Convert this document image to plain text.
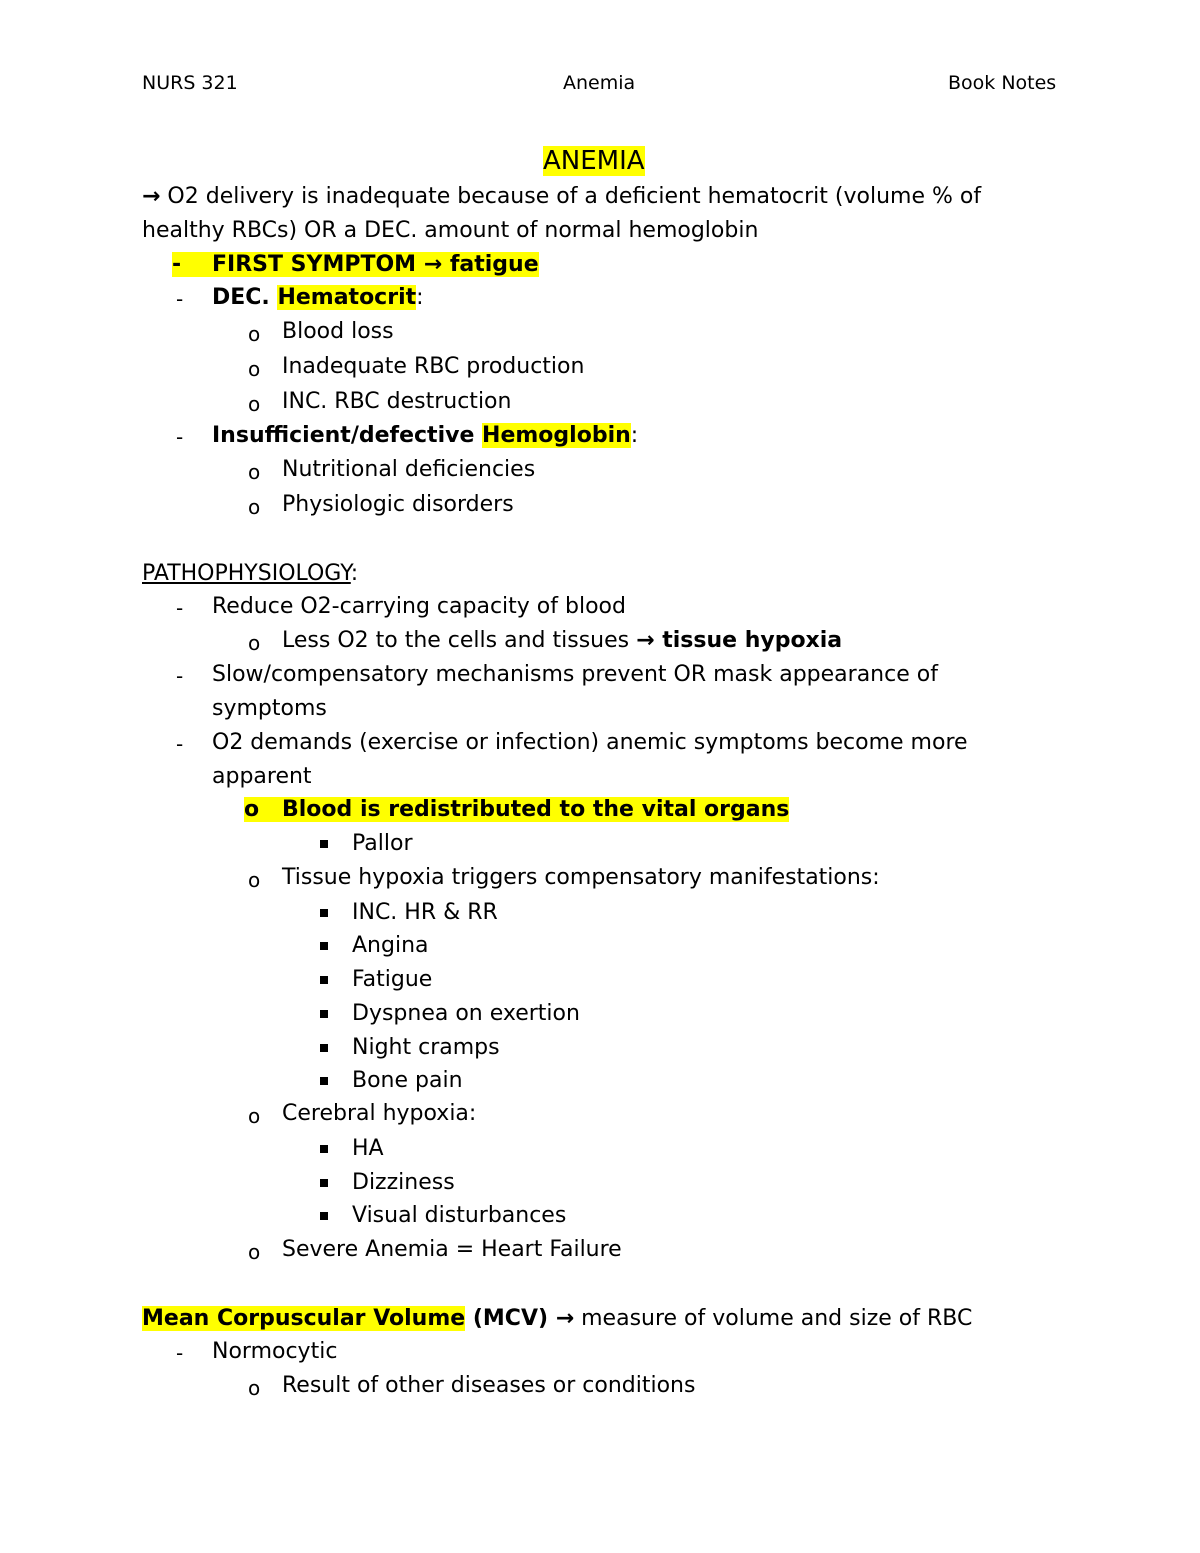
NURS 321	Anemia	Book Notes
ANEMIA
→ O2 delivery is inadequate because of a deficient hematocrit (volume % of
healthy RBCs) OR a DEC. amount of normal hemoglobin
- FIRST SYMPTOM → fatigue
- DEC. Hematocrit:
o Blood loss
o Inadequate RBC production
o INC. RBC destruction
- Insufficient/defective Hemoglobin:
o Nutritional deficiencies
o Physiologic disorders
PATHOPHYSIOLOGY:
- Reduce O2-carrying capacity of blood
o Less O2 to the cells and tissues → tissue hypoxia
- Slow/compensatory mechanisms prevent OR mask appearance of
symptoms
- O2 demands (exercise or infection) anemic symptoms become more
apparent
o Blood is redistributed to the vital organs
Pallor
o Tissue hypoxia triggers compensatory manifestations:
INC. HR & RR
Angina
Fatigue
Dyspnea on exertion
Night cramps
Bone pain
o Cerebral hypoxia:
HA
Dizziness
Visual disturbances
o Severe Anemia = Heart Failure
Mean Corpuscular Volume (MCV) → measure of volume and size of RBC
- Normocytic
o Result of other diseases or conditions
